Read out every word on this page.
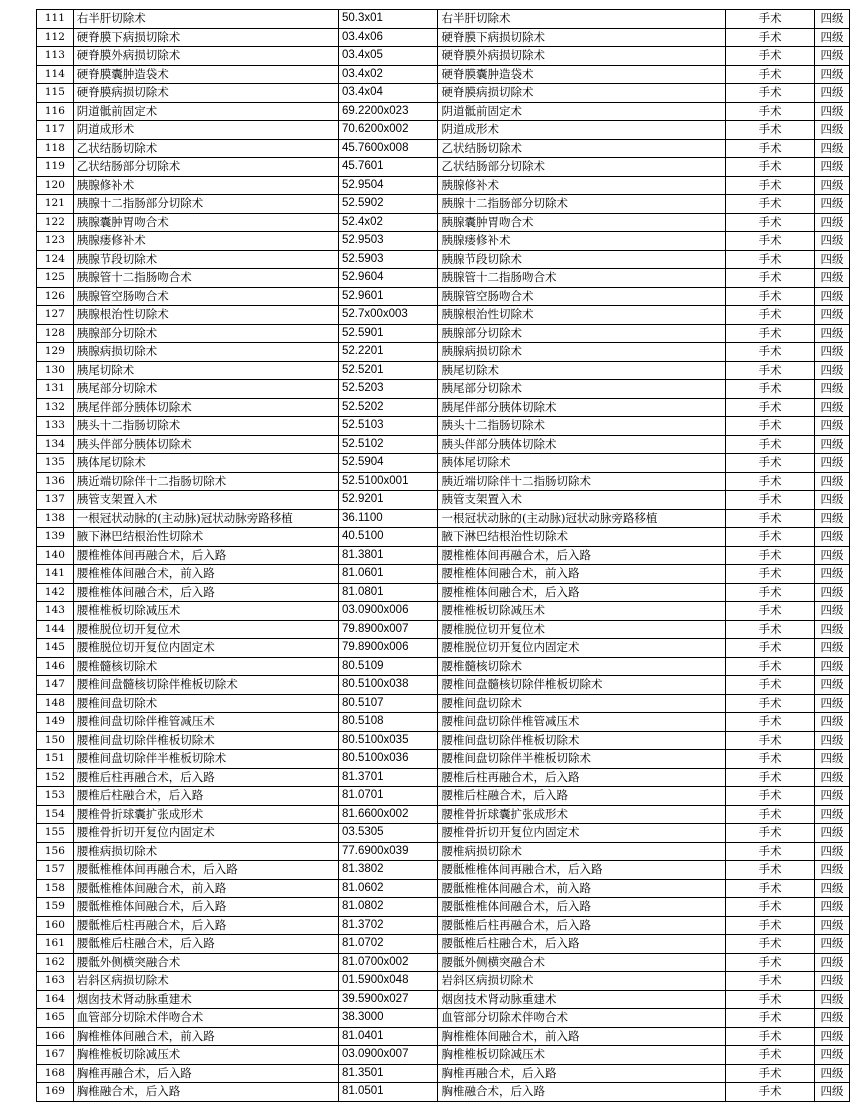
111	右半肝切除术	50.3x01	右半肝切除术	手术	四级
112	硬脊膜下病损切除术	03.4x06	硬脊膜下病损切除术	手术	四级
113	硬脊膜外病损切除术	03.4x05	硬脊膜外病损切除术	手术	四级
114	硬脊膜囊肿造袋术	03.4x02	硬脊膜囊肿造袋术	手术	四级
115	硬脊膜病损切除术	03.4x04	硬脊膜病损切除术	手术	四级
116	阴道骶前固定术	69.2200x023	阴道骶前固定术	手术	四级
117	阴道成形术	70.6200x002	阴道成形术	手术	四级
118	乙状结肠切除术	45.7600x008	乙状结肠切除术	手术	四级
119	乙状结肠部分切除术	45.7601	乙状结肠部分切除术	手术	四级
120	胰腺修补术	52.9504	胰腺修补术	手术	四级
121	胰腺十二指肠部分切除术	52.5902	胰腺十二指肠部分切除术	手术	四级
122	胰腺囊肿胃吻合术	52.4x02	胰腺囊肿胃吻合术	手术	四级
123	胰腺瘘修补术	52.9503	胰腺瘘修补术	手术	四级
124	胰腺节段切除术	52.5903	胰腺节段切除术	手术	四级
125	胰腺管十二指肠吻合术	52.9604	胰腺管十二指肠吻合术	手术	四级
126	胰腺管空肠吻合术	52.9601	胰腺管空肠吻合术	手术	四级
127	胰腺根治性切除术	52.7x00x003	胰腺根治性切除术	手术	四级
128	胰腺部分切除术	52.5901	胰腺部分切除术	手术	四级
129	胰腺病损切除术	52.2201	胰腺病损切除术	手术	四级
130	胰尾切除术	52.5201	胰尾切除术	手术	四级
131	胰尾部分切除术	52.5203	胰尾部分切除术	手术	四级
132	胰尾伴部分胰体切除术	52.5202	胰尾伴部分胰体切除术	手术	四级
133	胰头十二指肠切除术	52.5103	胰头十二指肠切除术	手术	四级
134	胰头伴部分胰体切除术	52.5102	胰头伴部分胰体切除术	手术	四级
135	胰体尾切除术	52.5904	胰体尾切除术	手术	四级
136	胰近端切除伴十二指肠切除术	52.5100x001	胰近端切除伴十二指肠切除术	手术	四级
137	胰管支架置入术	52.9201	胰管支架置入术	手术	四级
138	一根冠状动脉的(主动脉)冠状动脉旁路移植	36.1100	一根冠状动脉的(主动脉)冠状动脉旁路移植	手术	四级
139	腋下淋巴结根治性切除术	40.5100	腋下淋巴结根治性切除术	手术	四级
140	腰椎椎体间再融合术，后入路	81.3801	腰椎椎体间再融合术，后入路	手术	四级
141	腰椎椎体间融合术，前入路	81.0601	腰椎椎体间融合术，前入路	手术	四级
142	腰椎椎体间融合术，后入路	81.0801	腰椎椎体间融合术，后入路	手术	四级
143	腰椎椎板切除减压术	03.0900x006	腰椎椎板切除减压术	手术	四级
144	腰椎脱位切开复位术	79.8900x007	腰椎脱位切开复位术	手术	四级
145	腰椎脱位切开复位内固定术	79.8900x006	腰椎脱位切开复位内固定术	手术	四级
146	腰椎髓核切除术	80.5109	腰椎髓核切除术	手术	四级
147	腰椎间盘髓核切除伴椎板切除术	80.5100x038	腰椎间盘髓核切除伴椎板切除术	手术	四级
148	腰椎间盘切除术	80.5107	腰椎间盘切除术	手术	四级
149	腰椎间盘切除伴椎管减压术	80.5108	腰椎间盘切除伴椎管减压术	手术	四级
150	腰椎间盘切除伴椎板切除术	80.5100x035	腰椎间盘切除伴椎板切除术	手术	四级
151	腰椎间盘切除伴半椎板切除术	80.5100x036	腰椎间盘切除伴半椎板切除术	手术	四级
152	腰椎后柱再融合术，后入路	81.3701	腰椎后柱再融合术，后入路	手术	四级
153	腰椎后柱融合术，后入路	81.0701	腰椎后柱融合术，后入路	手术	四级
154	腰椎骨折球囊扩张成形术	81.6600x002	腰椎骨折球囊扩张成形术	手术	四级
155	腰椎骨折切开复位内固定术	03.5305	腰椎骨折切开复位内固定术	手术	四级
156	腰椎病损切除术	77.6900x039	腰椎病损切除术	手术	四级
157	腰骶椎椎体间再融合术，后入路	81.3802	腰骶椎椎体间再融合术，后入路	手术	四级
158	腰骶椎椎体间融合术，前入路	81.0602	腰骶椎椎体间融合术，前入路	手术	四级
159	腰骶椎椎体间融合术，后入路	81.0802	腰骶椎椎体间融合术，后入路	手术	四级
160	腰骶椎后柱再融合术，后入路	81.3702	腰骶椎后柱再融合术，后入路	手术	四级
161	腰骶椎后柱融合术，后入路	81.0702	腰骶椎后柱融合术，后入路	手术	四级
162	腰骶外侧横突融合术	81.0700x002	腰骶外侧横突融合术	手术	四级
163	岩斜区病损切除术	01.5900x048	岩斜区病损切除术	手术	四级
164	烟囱技术肾动脉重建术	39.5900x027	烟囱技术肾动脉重建术	手术	四级
165	血管部分切除术伴吻合术	38.3000	血管部分切除术伴吻合术	手术	四级
166	胸椎椎体间融合术，前入路	81.0401	胸椎椎体间融合术，前入路	手术	四级
167	胸椎椎板切除减压术	03.0900x007	胸椎椎板切除减压术	手术	四级
168	胸椎再融合术，后入路	81.3501	胸椎再融合术，后入路	手术	四级
169	胸椎融合术，后入路	81.0501	胸椎融合术，后入路	手术	四级
